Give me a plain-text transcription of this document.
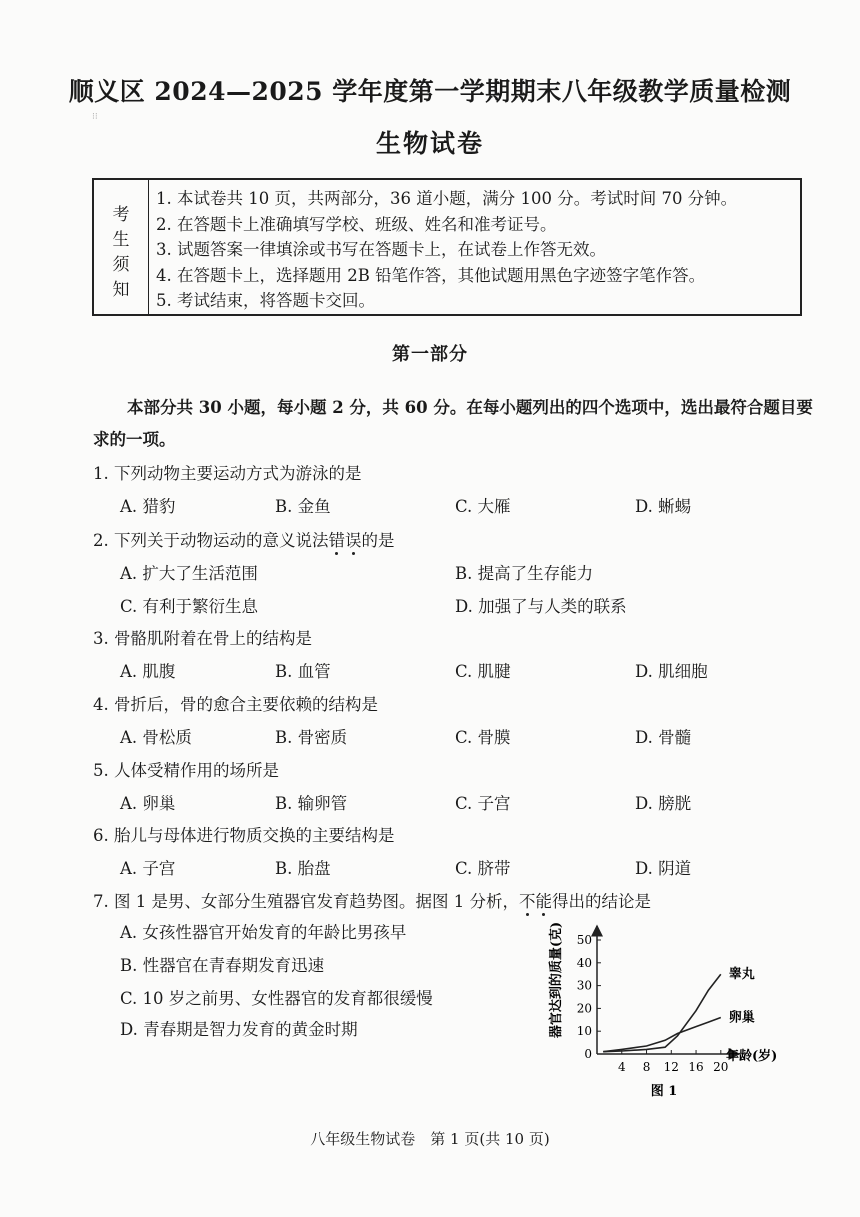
顺义区 2024—2025 学年度第一学期期末八年级教学质量检测
⁝⁝
生物试卷
考
生
须
知
1. 本试卷共 10 页，共两部分，36 道小题，满分 100 分。考试时间 70 分钟。
2. 在答题卡上准确填写学校、班级、姓名和准考证号。
3. 试题答案一律填涂或书写在答题卡上，在试卷上作答无效。
4. 在答题卡上，选择题用 2B 铅笔作答，其他试题用黑色字迹签字笔作答。
5. 考试结束，将答题卡交回。
第一部分
本部分共 30 小题，每小题 2 分，共 60 分。在每小题列出的四个选项中，选出最符合题目要求的一项。
1. 下列动物主要运动方式为游泳的是
A. 猎豹	B. 金鱼	C. 大雁	D. 蜥蜴
2. 下列关于动物运动的意义说法错误的是
A. 扩大了生活范围	B. 提高了生存能力
C. 有利于繁衍生息	D. 加强了与人类的联系
3. 骨骼肌附着在骨上的结构是
A. 肌腹	B. 血管	C. 肌腱	D. 肌细胞
4. 骨折后，骨的愈合主要依赖的结构是
A. 骨松质	B. 骨密质	C. 骨膜	D. 骨髓
5. 人体受精作用的场所是
A. 卵巢	B. 输卵管	C. 子宫	D. 膀胱
6. 胎儿与母体进行物质交换的主要结构是
A. 子宫	B. 胎盘	C. 脐带	D. 阴道
7. 图 1 是男、女部分生殖器官发育趋势图。据图 1 分析，不能得出的结论是
A. 女孩性器官开始发育的年龄比男孩早
B. 性器官在青春期发育迅速
C. 10 岁之前男、女性器官的发育都很缓慢
D. 青春期是智力发育的黄金时期
0
10
20
30
40
50
4 8 12 16 20
睾丸
卵巢
器官达到的质量(克)
年龄(岁)
图 1
八年级生物试卷　第 1 页(共 10 页)
